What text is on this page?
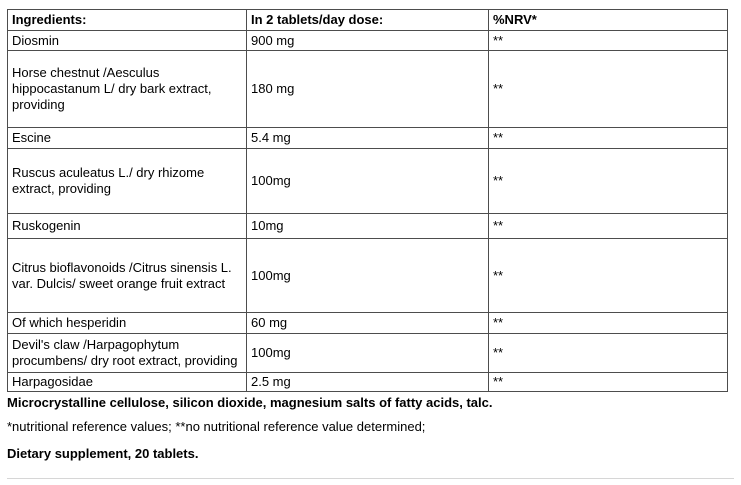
Ingredients:	In 2 tablets/day dose:	%NRV*
Diosmin	900 mg	**
Horse chestnut /Aesculus hippocastanum L/ dry bark extract, providing	180 mg	**
Escine	5.4 mg	**
Ruscus aculeatus L./ dry rhizome extract, providing	100mg	**
Ruskogenin	10mg	**
Citrus bioflavonoids /Citrus sinensis L. var. Dulcis/ sweet orange fruit extract	100mg	**
Of which hesperidin	60 mg	**
Devil's claw /Harpagophytum procumbens/ dry root extract, providing	100mg	**
Harpagosidae	2.5 mg	**

Microcrystalline cellulose, silicon dioxide, magnesium salts of fatty acids, talc.

*nutritional reference values; **no nutritional reference value determined;

Dietary supplement, 20 tablets.
